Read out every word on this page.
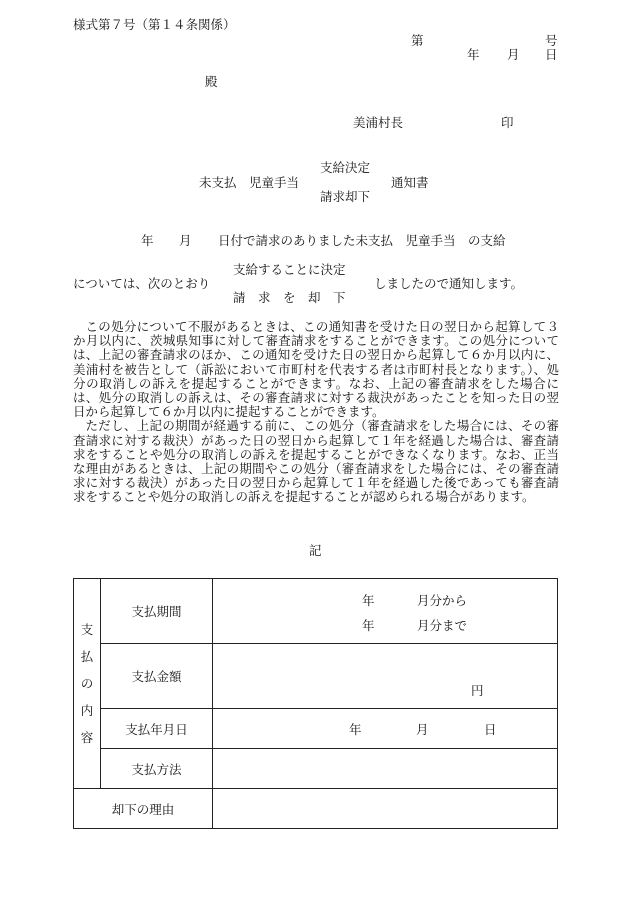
様式第７号（第１４条関係）
第	号
年 月 日
殿
美浦村長	印
支給決定
未支払　児童手当	通知書
請求却下
年 月 日付で請求のありました未支払　児童手当　の支給
支給することに決定
については、次のとおり	しましたので通知します。
請　求　を　却　下

この処分について不服があるときは、この通知書を受けた日の翌日から起算して３か月以内に、茨城県知事に対して審査請求をすることができます。この処分については、上記の審査請求のほか、この通知を受けた日の翌日から起算して６か月以内に、美浦村を被告として（訴訟において市町村を代表する者は市町村長となります。）、処分の取消しの訴えを提起することができます。なお、上記の審査請求をした場合には、処分の取消しの訴えは、その審査請求に対する裁決があったことを知った日の翌日から起算して６か月以内に提起することができます。

ただし、上記の期間が経過する前に、この処分（審査請求をした場合には、その審査請求に対する裁決）があった日の翌日から起算して１年を経過した場合は、審査請求をすることや処分の取消しの訴えを提起することができなくなります。なお、正当な理由があるときは、上記の期間やこの処分（審査請求をした場合には、その審査請求に対する裁決）があった日の翌日から起算して１年を経過した後であっても審査請求をすることや処分の取消しの訴えを提起することが認められる場合があります。

記
支
払
の
内
容	支払期間	年 月分から
年 月分まで

	支払金額	円

	支払年月日	年 月 日

	支払方法	
却下の理由		
